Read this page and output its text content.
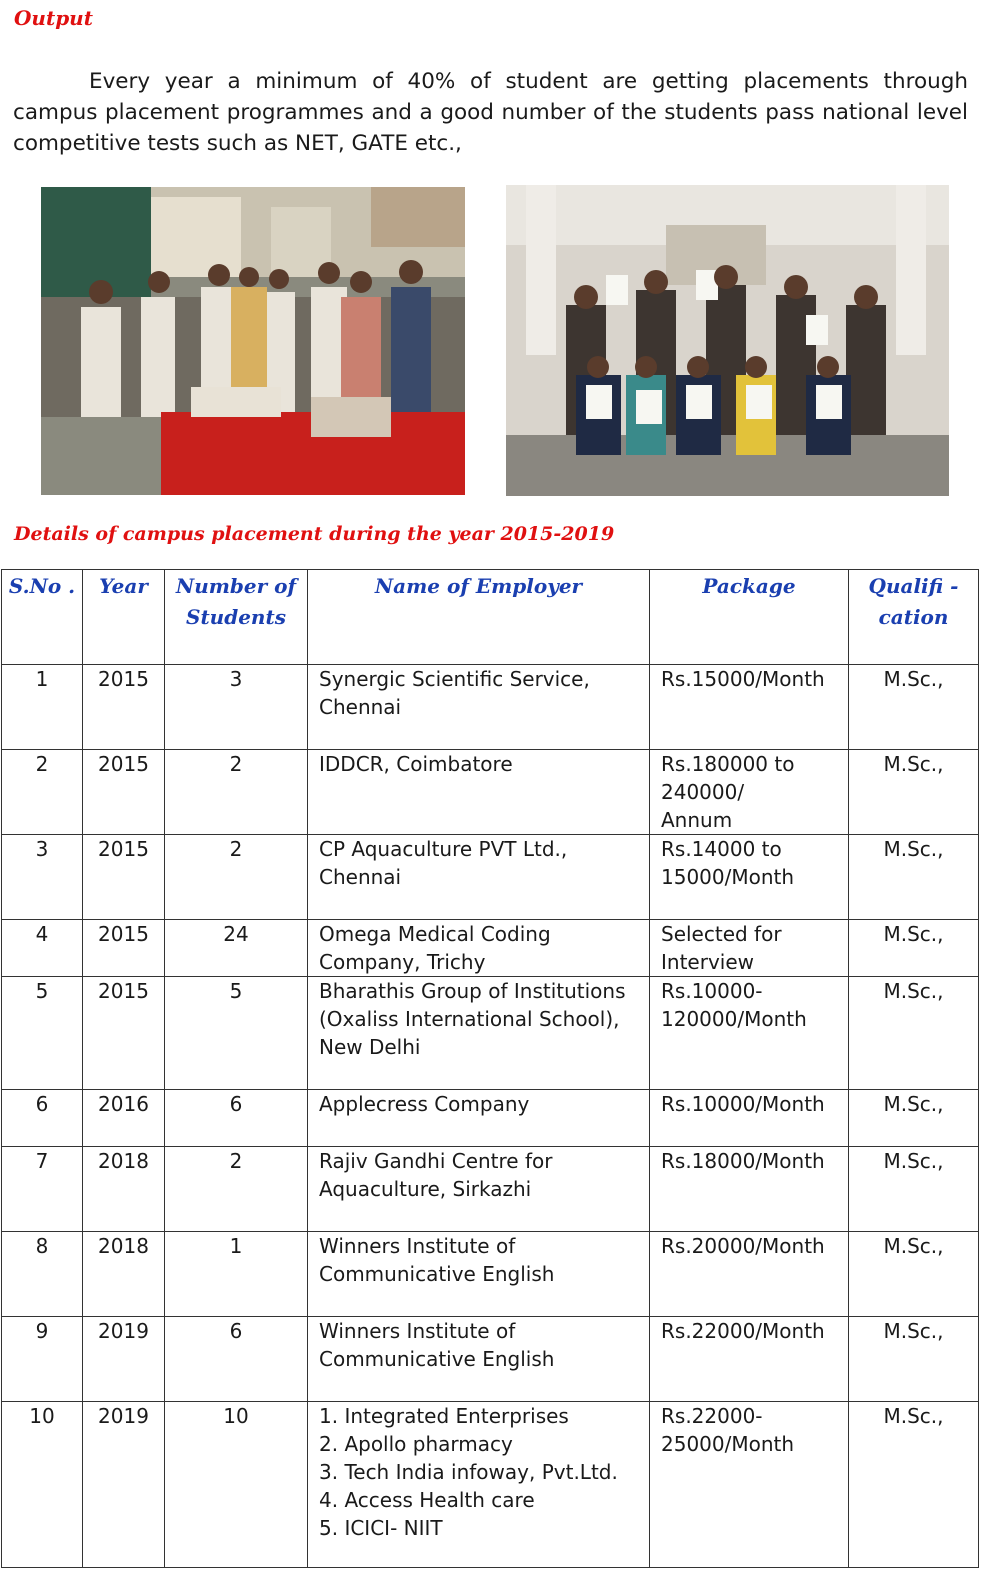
Output

Every year a minimum of 40% of student are getting placements through campus placement programmes and a good number of the students pass national level competitive tests such as NET, GATE etc.,

Details of campus placement during the year 2015-2019
S.No .	Year	Number of Students	Name of Employer	Package	Qualifi - cation
1	2015	3	Synergic Scientific Service,
Chennai	Rs.15000/Month	M.Sc.,
2	2015	2	IDDCR, Coimbatore	Rs.180000 to
240000/
Annum	M.Sc.,
3	2015	2	CP Aquaculture PVT Ltd.,
Chennai	Rs.14000 to
15000/Month	M.Sc.,
4	2015	24	Omega Medical Coding
Company, Trichy	Selected for
Interview	M.Sc.,
5	2015	5	Bharathis Group of Institutions
(Oxaliss International School),
New Delhi	Rs.10000-
120000/Month	M.Sc.,
6	2016	6	Applecress Company	Rs.10000/Month	M.Sc.,
7	2018	2	Rajiv Gandhi Centre for
Aquaculture, Sirkazhi	Rs.18000/Month	M.Sc.,
8	2018	1	Winners Institute of
Communicative English	Rs.20000/Month	M.Sc.,
9	2019	6	Winners Institute of
Communicative English	Rs.22000/Month	M.Sc.,
10	2019	10	1. Integrated Enterprises
2. Apollo pharmacy
3. Tech India infoway, Pvt.Ltd.
4. Access Health care
5. ICICI- NIIT	Rs.22000-
25000/Month	M.Sc.,
